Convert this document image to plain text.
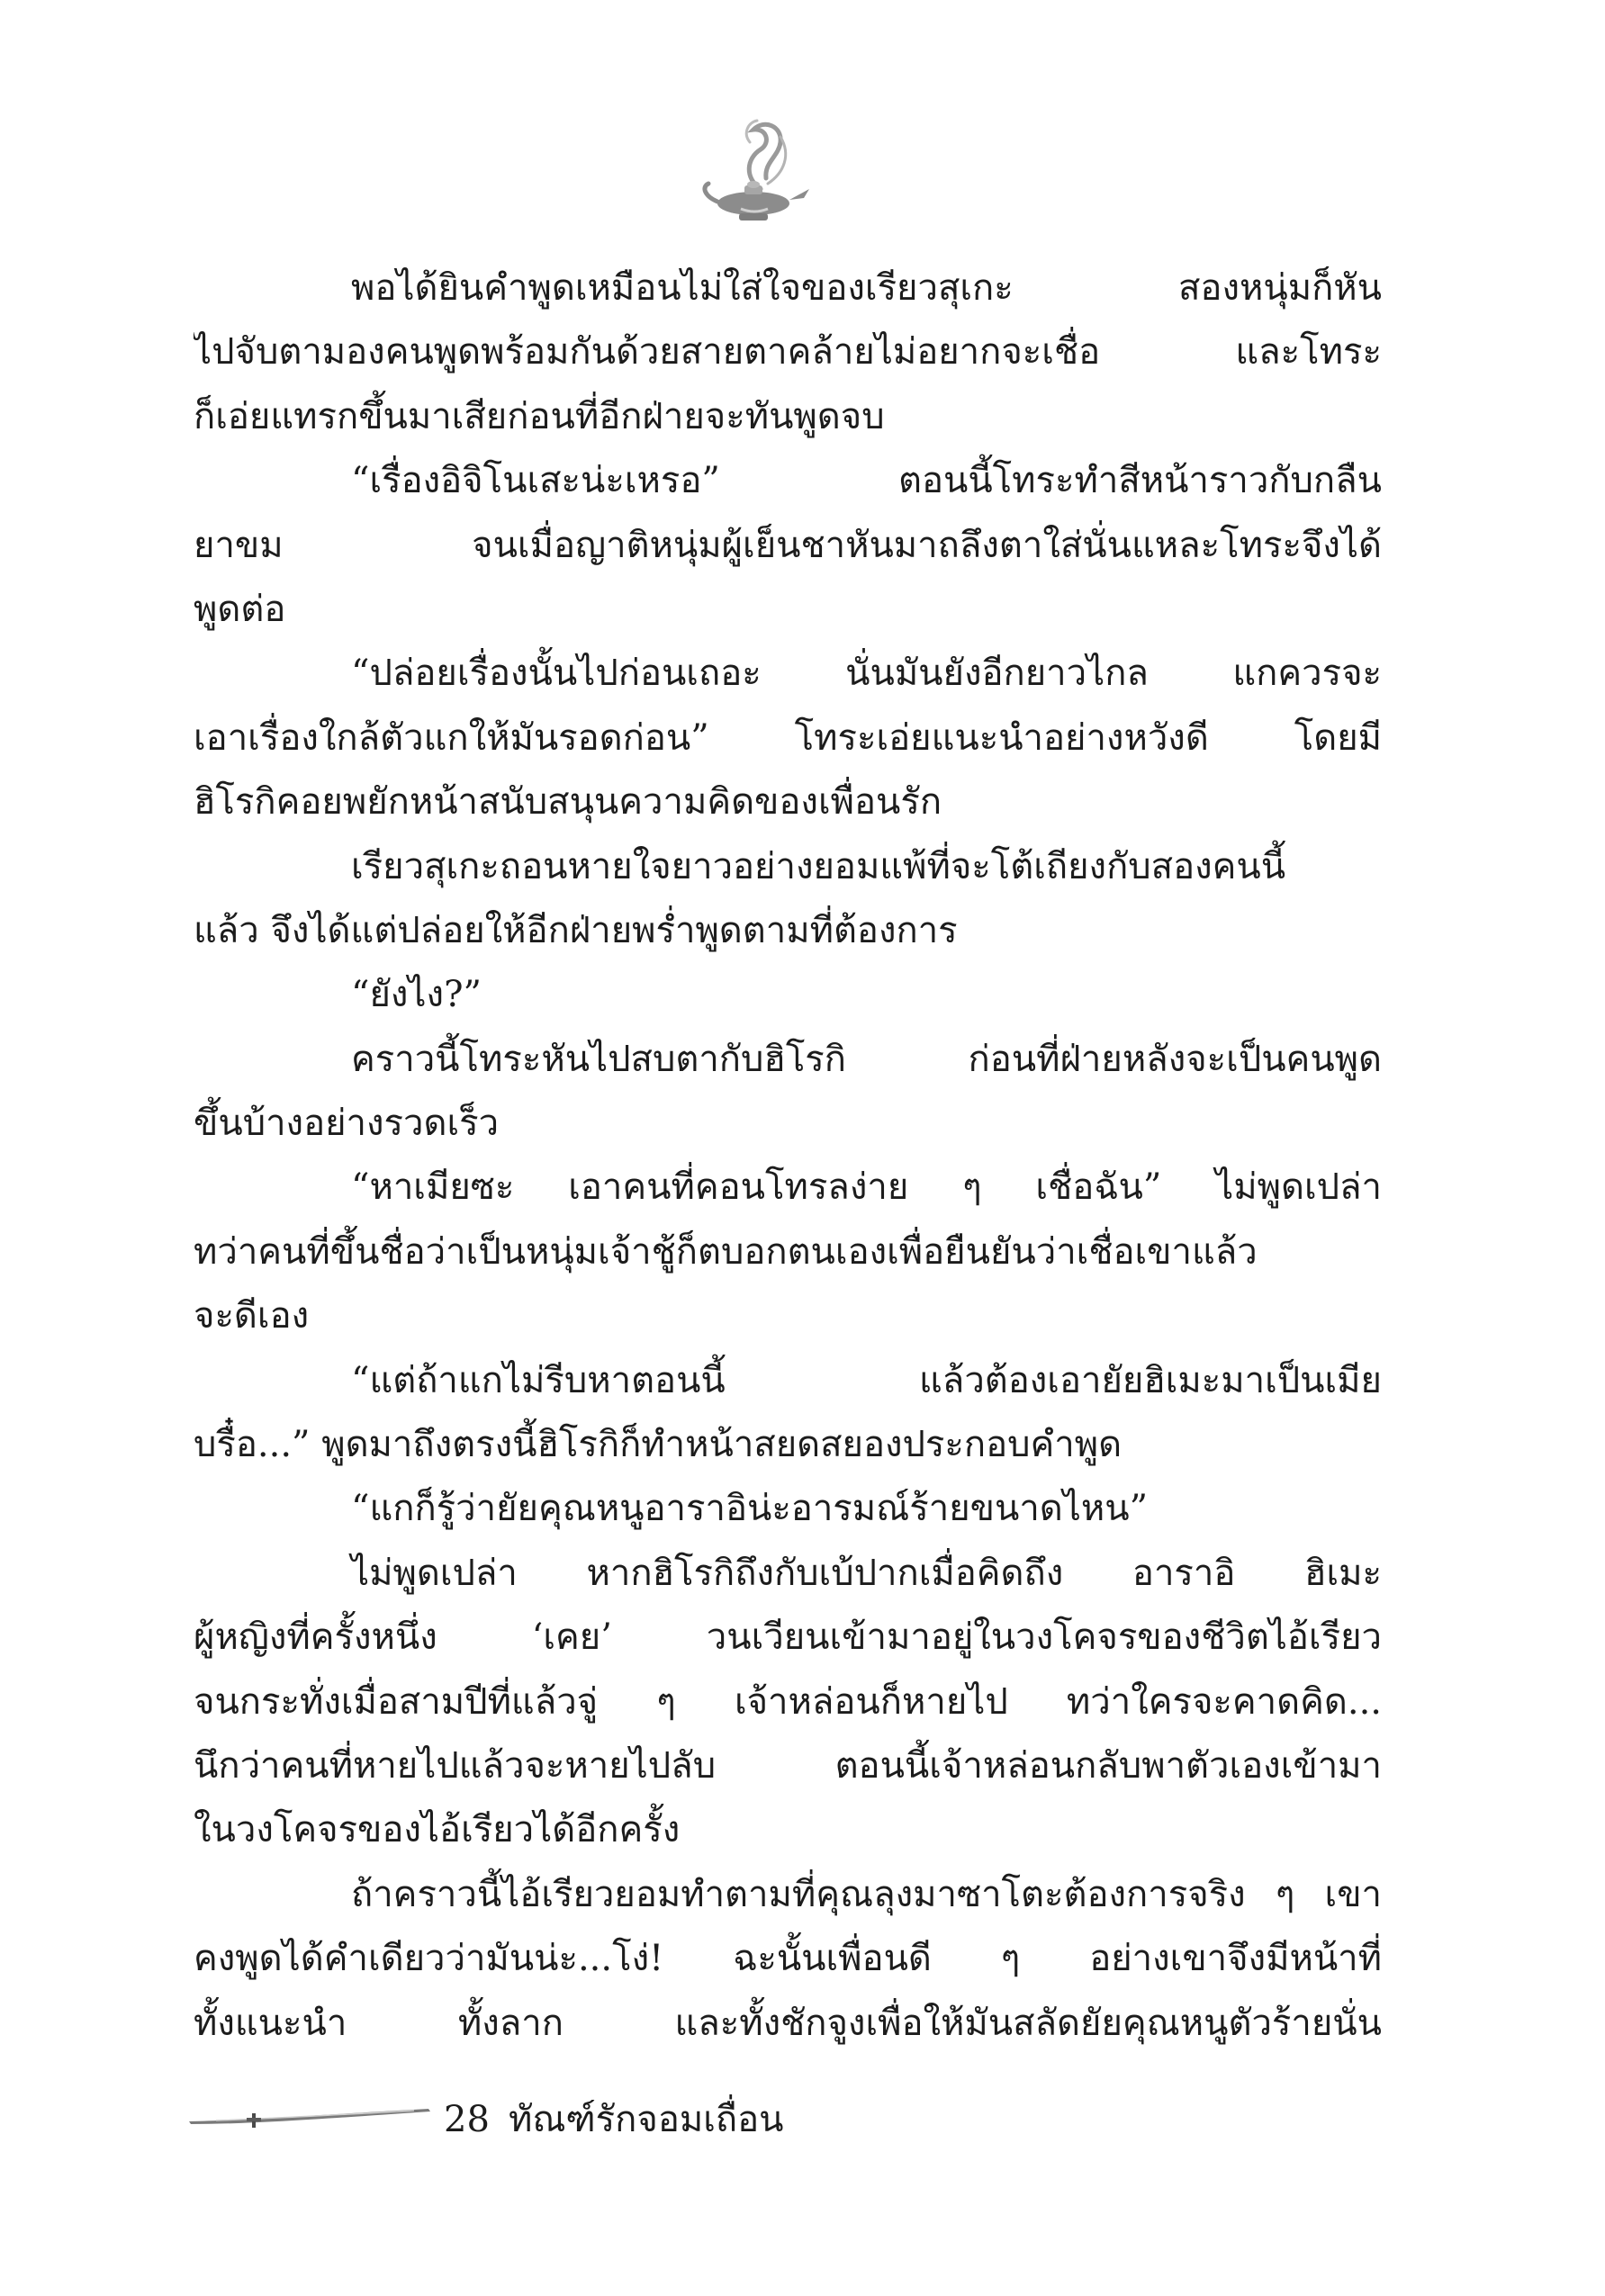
พอได้ยินคำพูดเหมือนไม่ใส่ใจของเรียวสุเกะ สองหนุ่มก็หัน
ไปจับตามองคนพูดพร้อมกันด้วยสายตาคล้ายไม่อยากจะเชื่อ และโทระ
ก็เอ่ยแทรกขึ้นมาเสียก่อนที่อีกฝ่ายจะทันพูดจบ
“เรื่องอิจิโนเสะน่ะเหรอ” ตอนนี้โทระทำสีหน้าราวกับกลืน
ยาขม จนเมื่อญาติหนุ่มผู้เย็นชาหันมาถลึงตาใส่นั่นแหละโทระจึงได้
พูดต่อ
“ปล่อยเรื่องนั้นไปก่อนเถอะ นั่นมันยังอีกยาวไกล แกควรจะ
เอาเรื่องใกล้ตัวแกให้มันรอดก่อน” โทระเอ่ยแนะนำอย่างหวังดี โดยมี
ฮิโรกิคอยพยักหน้าสนับสนุนความคิดของเพื่อนรัก
เรียวสุเกะถอนหายใจยาวอย่างยอมแพ้ที่จะโต้เถียงกับสองคนนี้
แล้ว จึงได้แต่ปล่อยให้อีกฝ่ายพร่ำพูดตามที่ต้องการ
“ยังไง?”
คราวนี้โทระหันไปสบตากับฮิโรกิ ก่อนที่ฝ่ายหลังจะเป็นคนพูด
ขึ้นบ้างอย่างรวดเร็ว
“หาเมียซะ เอาคนที่คอนโทรลง่าย ๆ เชื่อฉัน” ไม่พูดเปล่า
ทว่าคนที่ขึ้นชื่อว่าเป็นหนุ่มเจ้าชู้ก็ตบอกตนเองเพื่อยืนยันว่าเชื่อเขาแล้ว
จะดีเอง
“แต่ถ้าแกไม่รีบหาตอนนี้ แล้วต้องเอายัยฮิเมะมาเป็นเมีย
บรื๋อ...” พูดมาถึงตรงนี้ฮิโรกิก็ทำหน้าสยดสยองประกอบคำพูด
“แกก็รู้ว่ายัยคุณหนูอาราอิน่ะอารมณ์ร้ายขนาดไหน”
ไม่พูดเปล่า หากฮิโรกิถึงกับเบ้ปากเมื่อคิดถึง อาราอิ ฮิเมะ
ผู้หญิงที่ครั้งหนึ่ง ‘เคย’ วนเวียนเข้ามาอยู่ในวงโคจรของชีวิตไอ้เรียว
จนกระทั่งเมื่อสามปีที่แล้วจู่ ๆ เจ้าหล่อนก็หายไป ทว่าใครจะคาดคิด...
นึกว่าคนที่หายไปแล้วจะหายไปลับ ตอนนี้เจ้าหล่อนกลับพาตัวเองเข้ามา
ในวงโคจรของไอ้เรียวได้อีกครั้ง
ถ้าคราวนี้ไอ้เรียวยอมทำตามที่คุณลุงมาซาโตะต้องการจริง ๆ เขา
คงพูดได้คำเดียวว่ามันน่ะ...โง่! ฉะนั้นเพื่อนดี ๆ อย่างเขาจึงมีหน้าที่
ทั้งแนะนำ ทั้งลาก และทั้งชักจูงเพื่อให้มันสลัดยัยคุณหนูตัวร้ายนั่น
28 ทัณฑ์รักจอมเถื่อน
